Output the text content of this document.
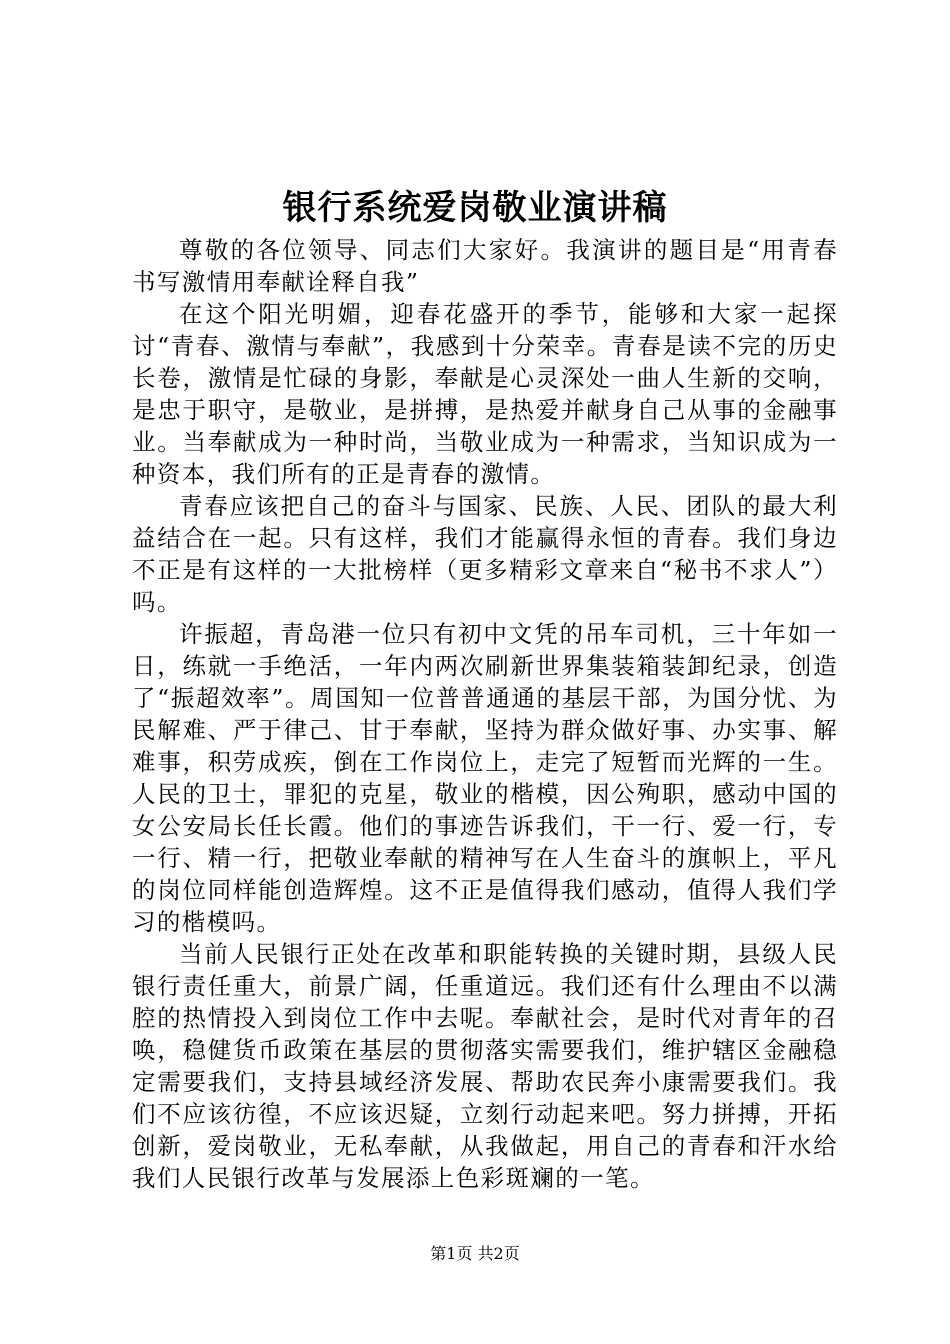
银行系统爱岗敬业演讲稿

尊敬的各位领导、同志们大家好。我演讲的题目是“用青春书写激情用奉献诠释自我”

在这个阳光明媚，迎春花盛开的季节，能够和大家一起探讨“青春、激情与奉献”，我感到十分荣幸。青春是读不完的历史长卷，激情是忙碌的身影，奉献是心灵深处一曲人生新的交响，是忠于职守，是敬业，是拼搏，是热爱并献身自己从事的金融事业。当奉献成为一种时尚，当敬业成为一种需求，当知识成为一种资本，我们所有的正是青春的激情。

青春应该把自己的奋斗与国家、民族、人民、团队的最大利益结合在一起。只有这样，我们才能赢得永恒的青春。我们身边不正是有这样的一大批榜样（更多精彩文章来自“秘书不求人”）吗。

许振超，青岛港一位只有初中文凭的吊车司机，三十年如一日，练就一手绝活，一年内两次刷新世界集装箱装卸纪录，创造了“振超效率”。周国知一位普普通通的基层干部，为国分忧、为民解难、严于律己、甘于奉献，坚持为群众做好事、办实事、解难事，积劳成疾，倒在工作岗位上，走完了短暂而光辉的一生。人民的卫士，罪犯的克星，敬业的楷模，因公殉职，感动中国的女公安局长任长霞。他们的事迹告诉我们，干一行、爱一行，专一行、精一行，把敬业奉献的精神写在人生奋斗的旗帜上，平凡的岗位同样能创造辉煌。这不正是值得我们感动，值得人我们学习的楷模吗。

当前人民银行正处在改革和职能转换的关键时期，县级人民银行责任重大，前景广阔，任重道远。我们还有什么理由不以满腔的热情投入到岗位工作中去呢。奉献社会，是时代对青年的召唤，稳健货币政策在基层的贯彻落实需要我们，维护辖区金融稳定需要我们，支持县域经济发展、帮助农民奔小康需要我们。我们不应该彷徨，不应该迟疑，立刻行动起来吧。努力拼搏，开拓创新，爱岗敬业，无私奉献，从我做起，用自己的青春和汗水给我们人民银行改革与发展添上色彩斑斓的一笔。

第1页 共2页
